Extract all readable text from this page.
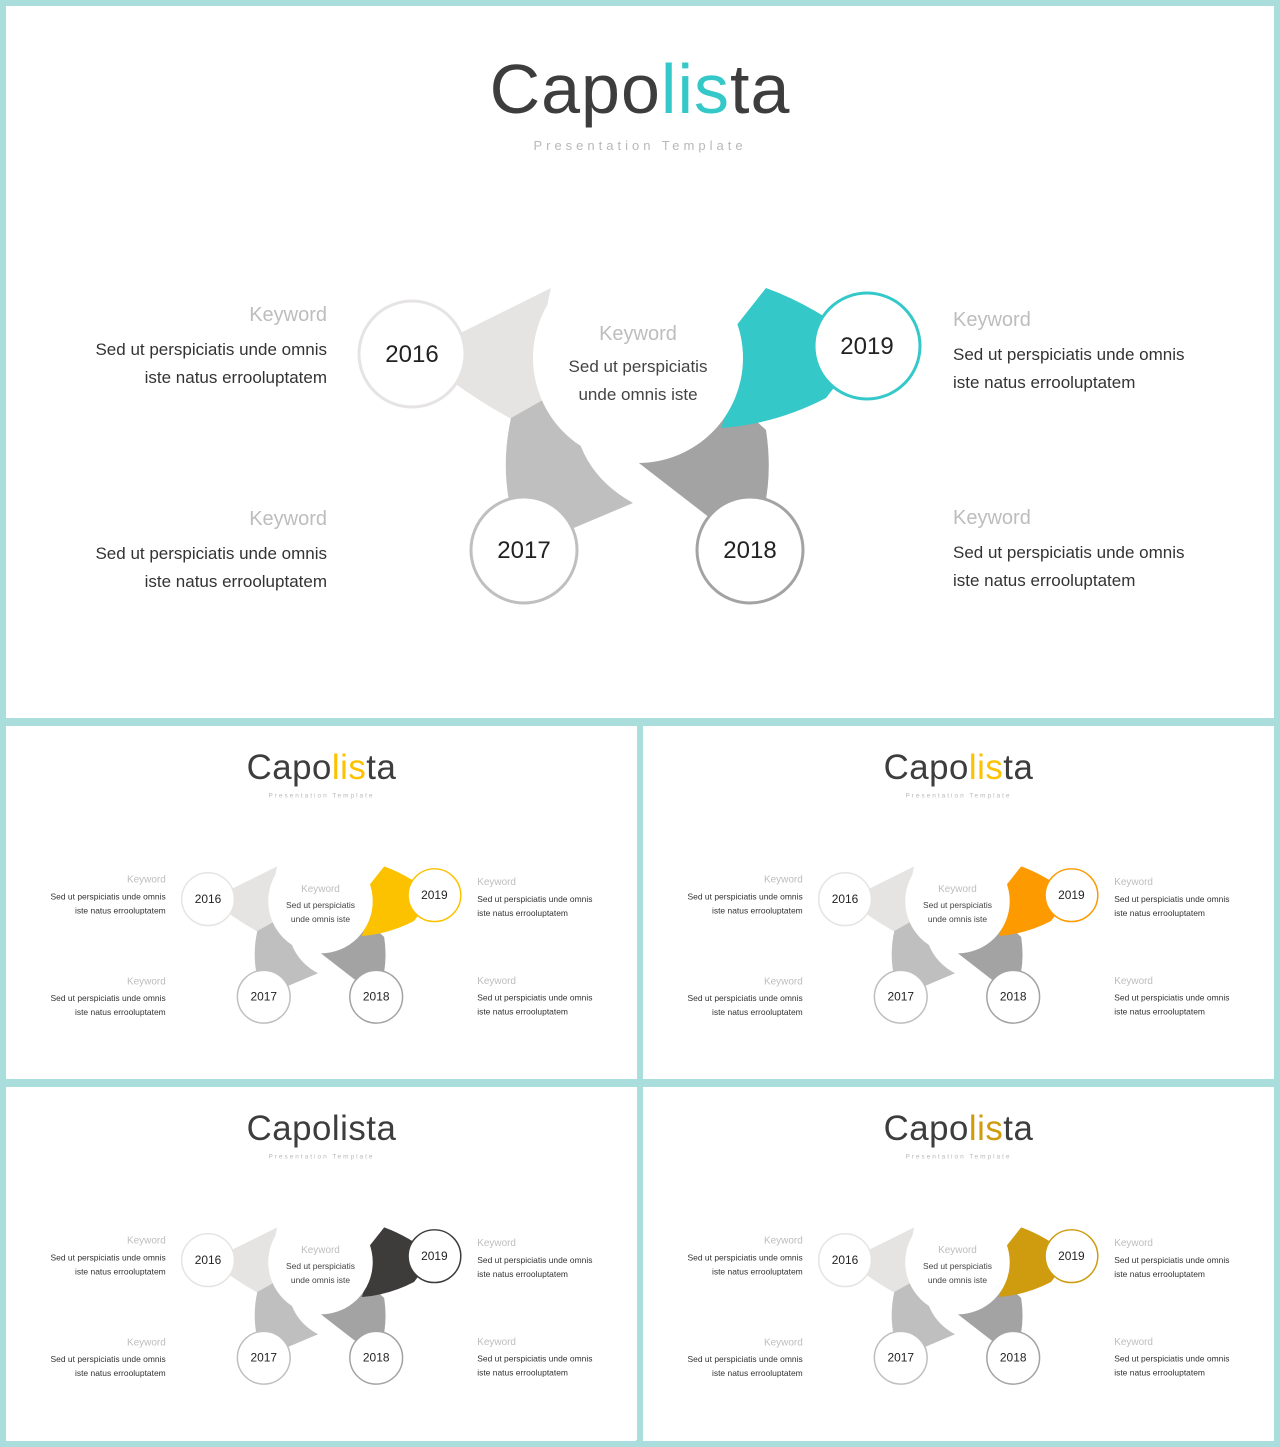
Capolista
Presentation Template
Keyword
Sed ut perspiciatis
unde omnis iste
2016
2017	2018
2019
Keyword
Sed ut perspiciatis unde omnis
iste natus errooluptatem
Keyword
Sed ut perspiciatis unde omnis
iste natus errooluptatem
Keyword
Sed ut perspiciatis unde omnis
iste natus errooluptatem
Keyword
Sed ut perspiciatis unde omnis
iste natus errooluptatem
Capolista
Presentation Template
Keyword
Sed ut perspiciatis
unde omnis iste
2016
2017	2018
2019
Keyword
Sed ut perspiciatis unde omnis
iste natus errooluptatem
Keyword
Sed ut perspiciatis unde omnis
iste natus errooluptatem
Keyword
Sed ut perspiciatis unde omnis
iste natus errooluptatem
Keyword
Sed ut perspiciatis unde omnis
iste natus errooluptatem
Capolista
Presentation Template
Keyword
Sed ut perspiciatis
unde omnis iste
2016
2017	2018
2019
Keyword
Sed ut perspiciatis unde omnis
iste natus errooluptatem
Keyword
Sed ut perspiciatis unde omnis
iste natus errooluptatem
Keyword
Sed ut perspiciatis unde omnis
iste natus errooluptatem
Keyword
Sed ut perspiciatis unde omnis
iste natus errooluptatem
Capolista
Presentation Template
Keyword
Sed ut perspiciatis
unde omnis iste
2016
2017	2018
2019
Keyword
Sed ut perspiciatis unde omnis
iste natus errooluptatem
Keyword
Sed ut perspiciatis unde omnis
iste natus errooluptatem
Keyword
Sed ut perspiciatis unde omnis
iste natus errooluptatem
Keyword
Sed ut perspiciatis unde omnis
iste natus errooluptatem
Capolista
Presentation Template
Keyword
Sed ut perspiciatis
unde omnis iste
2016
2017	2018
2019
Keyword
Sed ut perspiciatis unde omnis
iste natus errooluptatem
Keyword
Sed ut perspiciatis unde omnis
iste natus errooluptatem
Keyword
Sed ut perspiciatis unde omnis
iste natus errooluptatem
Keyword
Sed ut perspiciatis unde omnis
iste natus errooluptatem
